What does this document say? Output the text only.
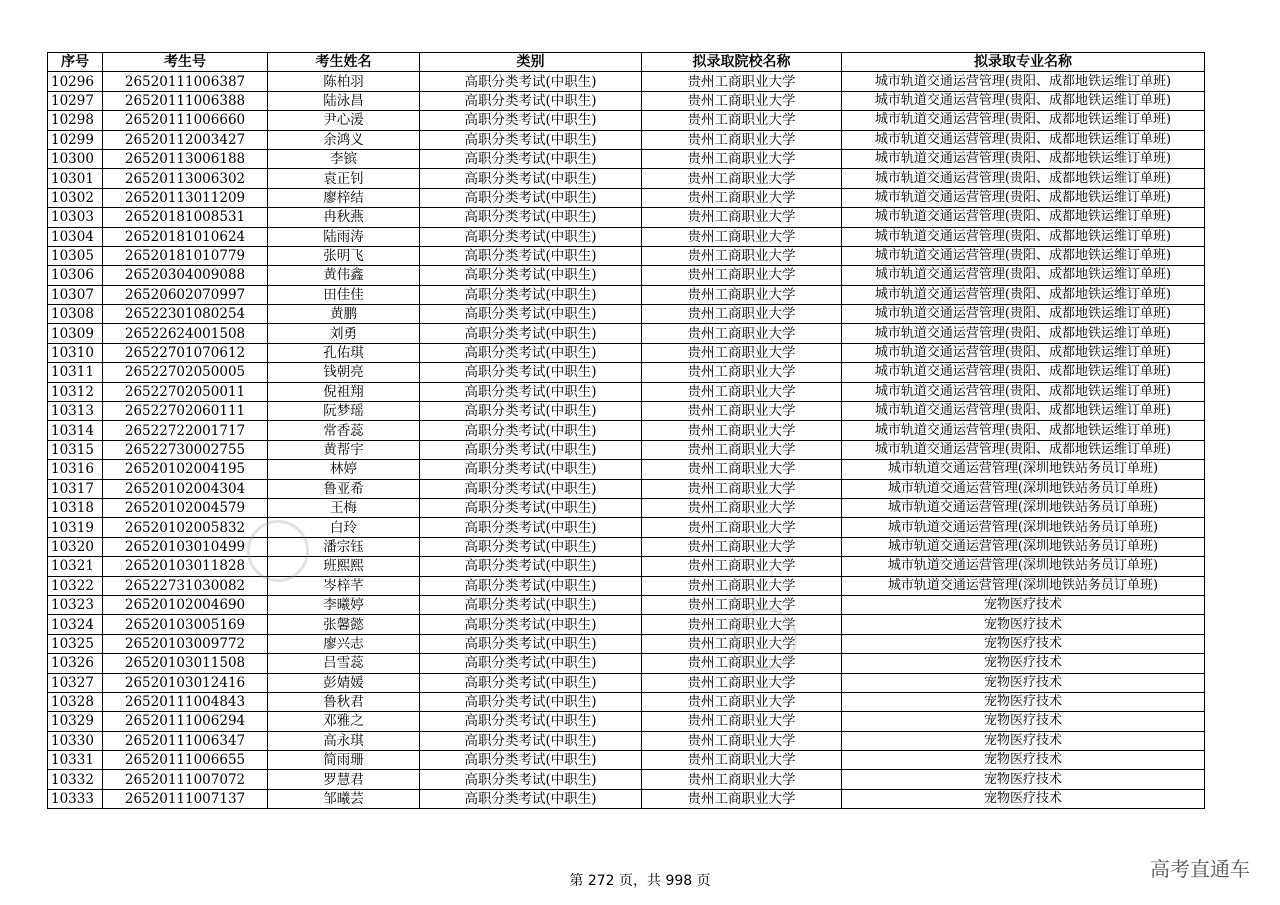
序号	考生号	考生姓名	类别	拟录取院校名称	拟录取专业名称
10296	26520111006387	陈柏羽	高职分类考试(中职生)	贵州工商职业大学	城市轨道交通运营管理(贵阳、成都地铁运维订单班)
10297	26520111006388	陆泳昌	高职分类考试(中职生)	贵州工商职业大学	城市轨道交通运营管理(贵阳、成都地铁运维订单班)
10298	26520111006660	尹心湲	高职分类考试(中职生)	贵州工商职业大学	城市轨道交通运营管理(贵阳、成都地铁运维订单班)
10299	26520112003427	余鸿义	高职分类考试(中职生)	贵州工商职业大学	城市轨道交通运营管理(贵阳、成都地铁运维订单班)
10300	26520113006188	李镔	高职分类考试(中职生)	贵州工商职业大学	城市轨道交通运营管理(贵阳、成都地铁运维订单班)
10301	26520113006302	袁正钊	高职分类考试(中职生)	贵州工商职业大学	城市轨道交通运营管理(贵阳、成都地铁运维订单班)
10302	26520113011209	廖梓结	高职分类考试(中职生)	贵州工商职业大学	城市轨道交通运营管理(贵阳、成都地铁运维订单班)
10303	26520181008531	冉秋燕	高职分类考试(中职生)	贵州工商职业大学	城市轨道交通运营管理(贵阳、成都地铁运维订单班)
10304	26520181010624	陆雨涛	高职分类考试(中职生)	贵州工商职业大学	城市轨道交通运营管理(贵阳、成都地铁运维订单班)
10305	26520181010779	张明飞	高职分类考试(中职生)	贵州工商职业大学	城市轨道交通运营管理(贵阳、成都地铁运维订单班)
10306	26520304009088	黄伟鑫	高职分类考试(中职生)	贵州工商职业大学	城市轨道交通运营管理(贵阳、成都地铁运维订单班)
10307	26520602070997	田佳佳	高职分类考试(中职生)	贵州工商职业大学	城市轨道交通运营管理(贵阳、成都地铁运维订单班)
10308	26522301080254	黄鹏	高职分类考试(中职生)	贵州工商职业大学	城市轨道交通运营管理(贵阳、成都地铁运维订单班)
10309	26522624001508	刘勇	高职分类考试(中职生)	贵州工商职业大学	城市轨道交通运营管理(贵阳、成都地铁运维订单班)
10310	26522701070612	孔佑琪	高职分类考试(中职生)	贵州工商职业大学	城市轨道交通运营管理(贵阳、成都地铁运维订单班)
10311	26522702050005	钱朝亮	高职分类考试(中职生)	贵州工商职业大学	城市轨道交通运营管理(贵阳、成都地铁运维订单班)
10312	26522702050011	倪祖翔	高职分类考试(中职生)	贵州工商职业大学	城市轨道交通运营管理(贵阳、成都地铁运维订单班)
10313	26522702060111	阮梦瑶	高职分类考试(中职生)	贵州工商职业大学	城市轨道交通运营管理(贵阳、成都地铁运维订单班)
10314	26522722001717	常香蕊	高职分类考试(中职生)	贵州工商职业大学	城市轨道交通运营管理(贵阳、成都地铁运维订单班)
10315	26522730002755	黄帮宇	高职分类考试(中职生)	贵州工商职业大学	城市轨道交通运营管理(贵阳、成都地铁运维订单班)
10316	26520102004195	林婷	高职分类考试(中职生)	贵州工商职业大学	城市轨道交通运营管理(深圳地铁站务员订单班)
10317	26520102004304	鲁亚希	高职分类考试(中职生)	贵州工商职业大学	城市轨道交通运营管理(深圳地铁站务员订单班)
10318	26520102004579	王梅	高职分类考试(中职生)	贵州工商职业大学	城市轨道交通运营管理(深圳地铁站务员订单班)
10319	26520102005832	白玲	高职分类考试(中职生)	贵州工商职业大学	城市轨道交通运营管理(深圳地铁站务员订单班)
10320	26520103010499	潘宗钰	高职分类考试(中职生)	贵州工商职业大学	城市轨道交通运营管理(深圳地铁站务员订单班)
10321	26520103011828	班熙熙	高职分类考试(中职生)	贵州工商职业大学	城市轨道交通运营管理(深圳地铁站务员订单班)
10322	26522731030082	岑梓芊	高职分类考试(中职生)	贵州工商职业大学	城市轨道交通运营管理(深圳地铁站务员订单班)
10323	26520102004690	李曦婷	高职分类考试(中职生)	贵州工商职业大学	宠物医疗技术
10324	26520103005169	张馨懿	高职分类考试(中职生)	贵州工商职业大学	宠物医疗技术
10325	26520103009772	廖兴志	高职分类考试(中职生)	贵州工商职业大学	宠物医疗技术
10326	26520103011508	吕雪蕊	高职分类考试(中职生)	贵州工商职业大学	宠物医疗技术
10327	26520103012416	彭婧媛	高职分类考试(中职生)	贵州工商职业大学	宠物医疗技术
10328	26520111004843	鲁秋君	高职分类考试(中职生)	贵州工商职业大学	宠物医疗技术
10329	26520111006294	邓雅之	高职分类考试(中职生)	贵州工商职业大学	宠物医疗技术
10330	26520111006347	高永琪	高职分类考试(中职生)	贵州工商职业大学	宠物医疗技术
10331	26520111006655	简雨珊	高职分类考试(中职生)	贵州工商职业大学	宠物医疗技术
10332	26520111007072	罗慧君	高职分类考试(中职生)	贵州工商职业大学	宠物医疗技术
10333	26520111007137	邹曦芸	高职分类考试(中职生)	贵州工商职业大学	宠物医疗技术
第 272 页，共 998 页	高考直通车
